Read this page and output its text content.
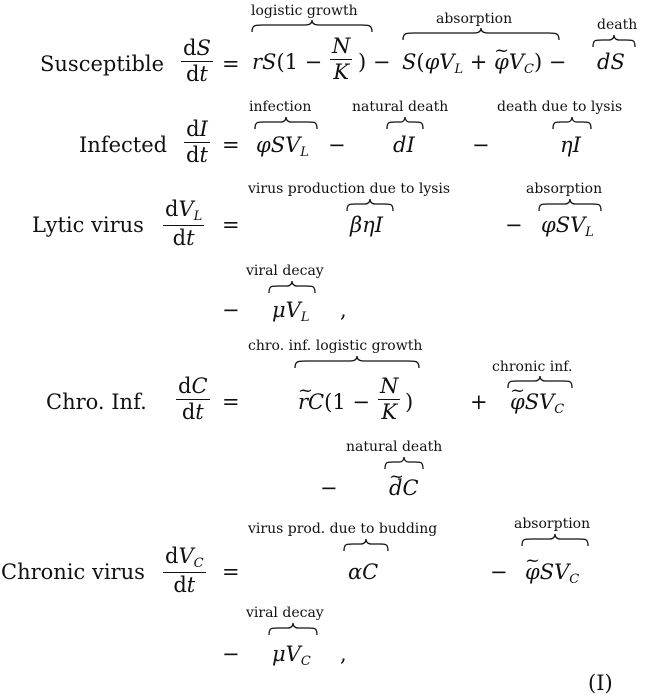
Susceptible
dS
dt =
logistic growth
rS(1 −
N
K ) −
absorption
$S(\varphi V_L$ + ~ $\varphi V_C$) −
death
dS
Infected
dI
dt =
infection
φSV$_L$ −
natural death
dI	−
death due to lysis
ηI
Lytic virus
$dV_L$
dt
=
virus production due to lysis
βηI	−
absorption
φSV$_L$
−
viral decay
$\mu V_L$ ,
Chro. Inf.
dC
dt =
chro. inf. logistic growth
~ rC(1 −
N
K )	+
chronic inf.
~ φSV$_C$
−
natural death
~ dC
Chronic virus
$dV_C$
dt
=
virus prod. due to budding
αC	−
absorption
~ φSV$_C$
−
viral decay
$\mu V_C$ ,
(I)
